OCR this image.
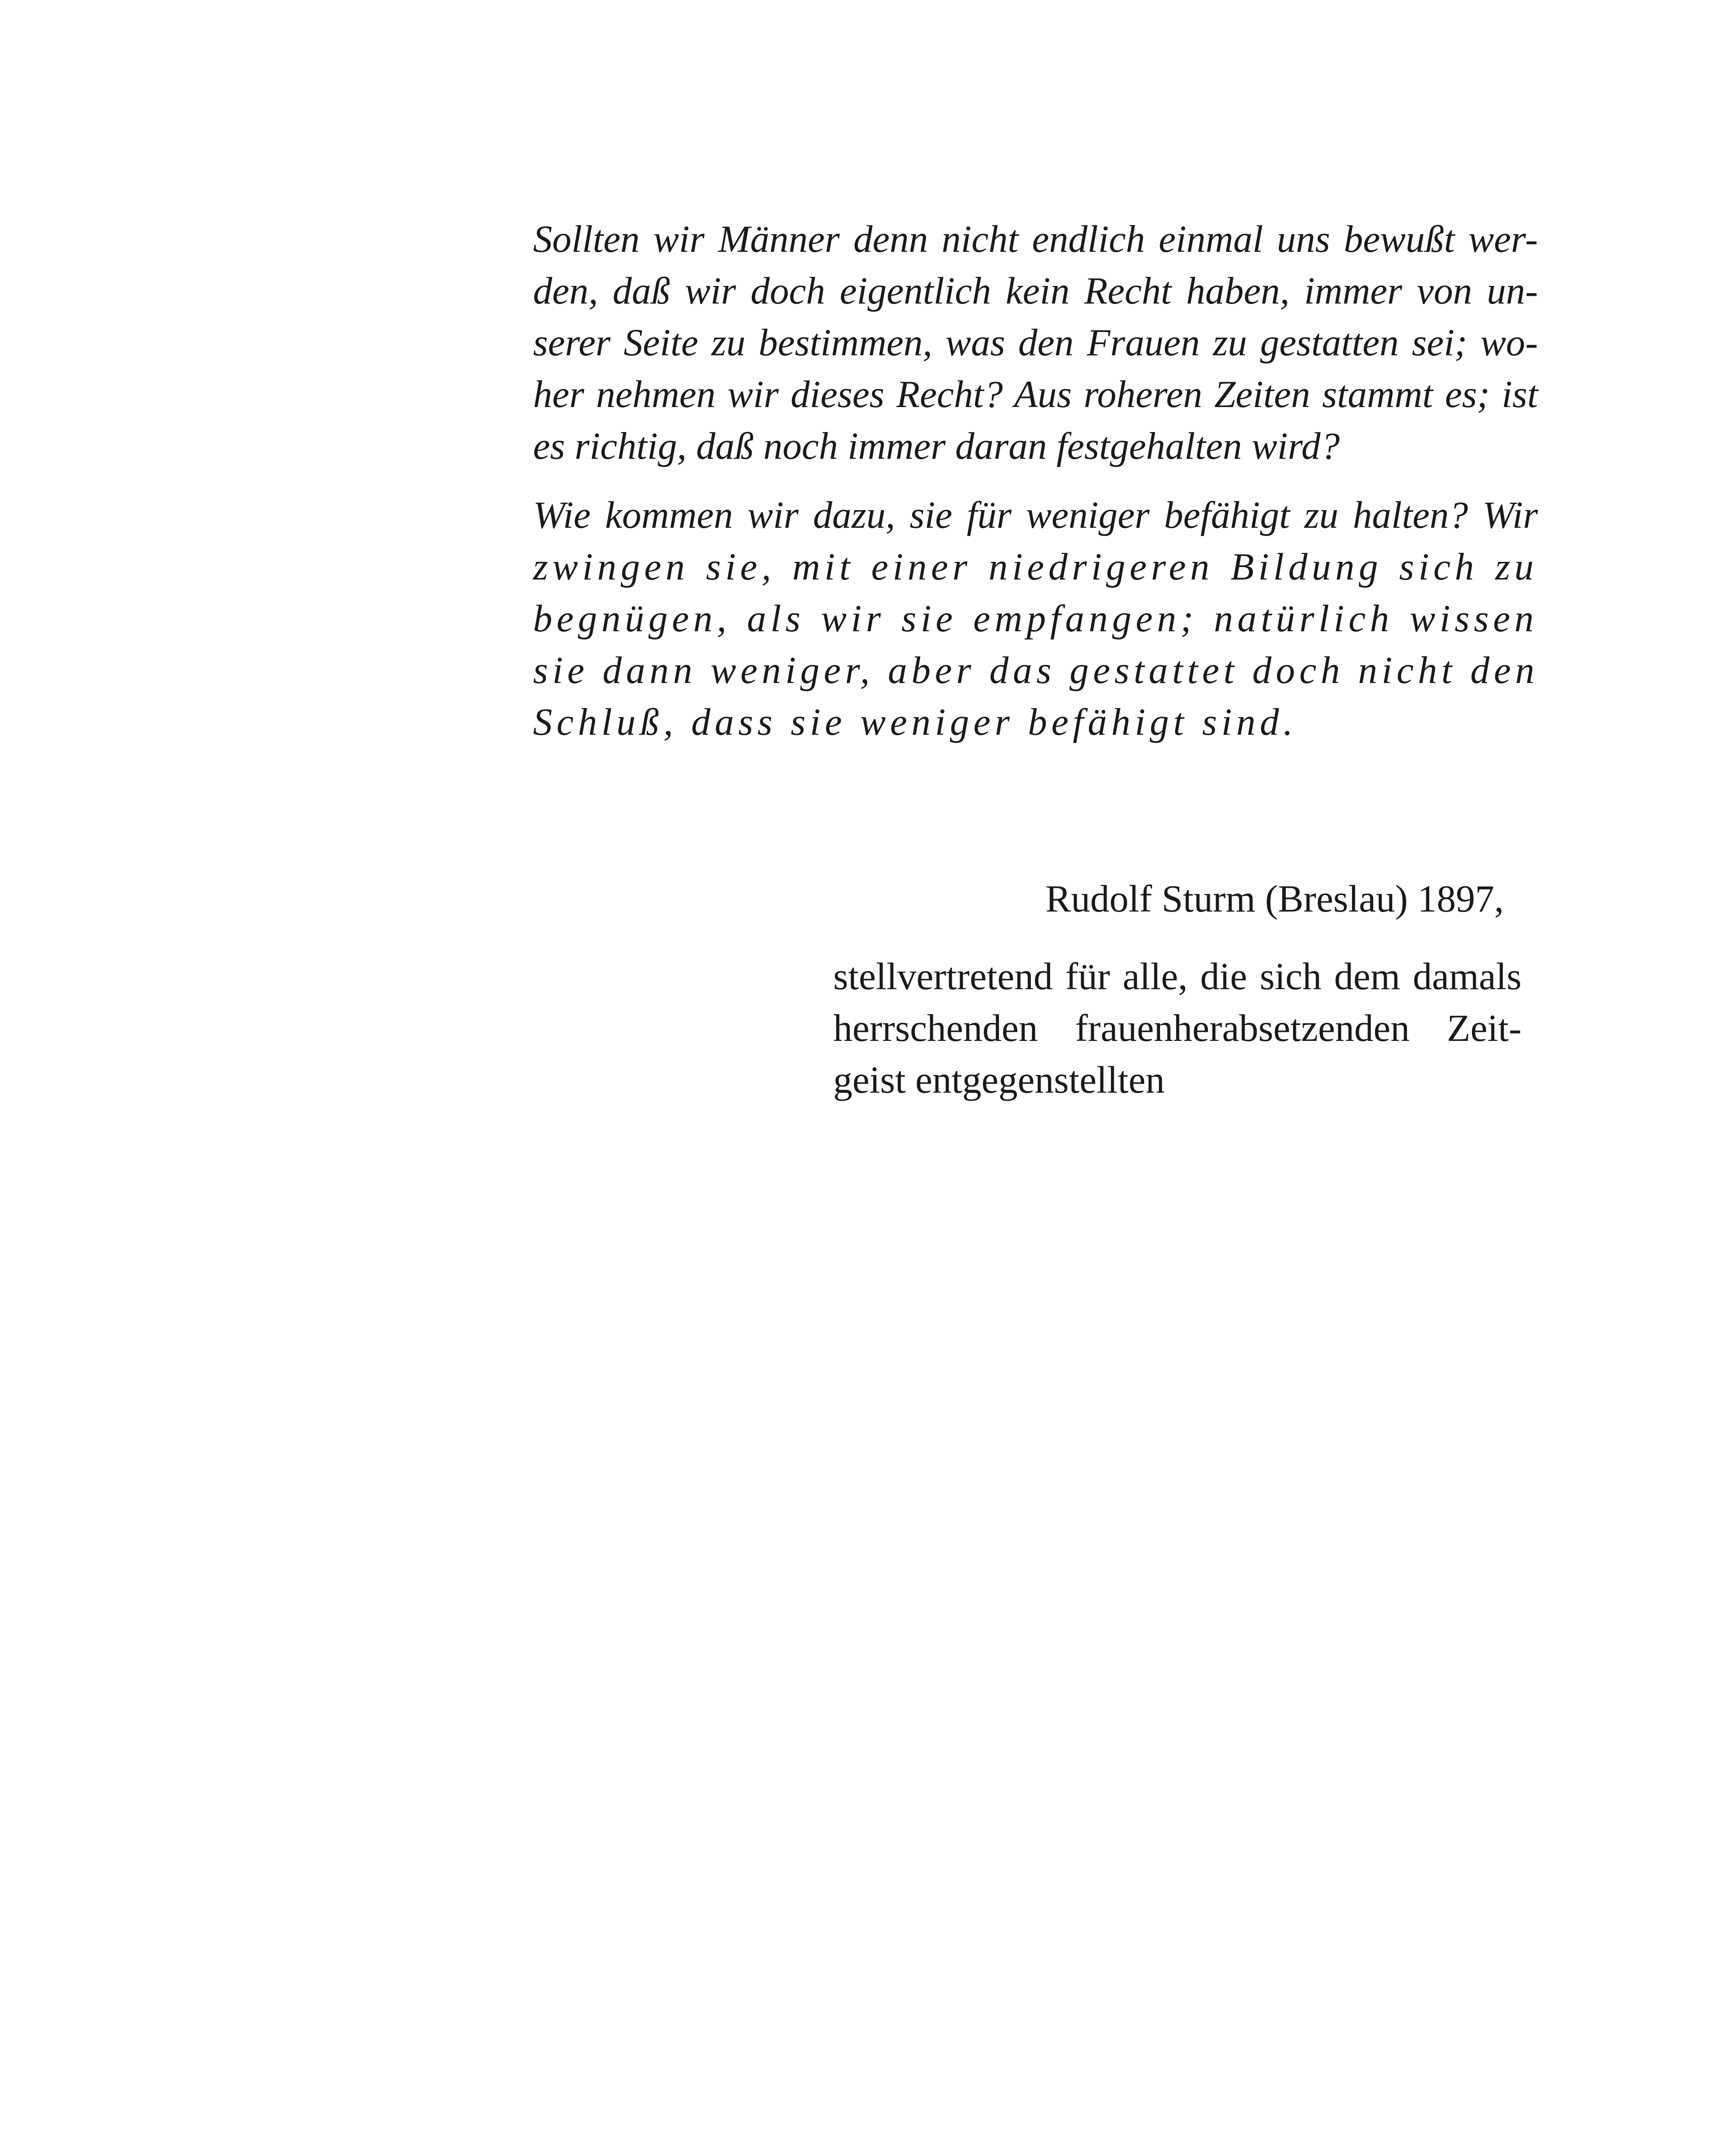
Sollten wir Männer denn nicht endlich einmal uns bewußt wer-
den, daß wir doch eigentlich kein Recht haben, immer von un-
serer Seite zu bestimmen, was den Frauen zu gestatten sei; wo-
her nehmen wir dieses Recht? Aus roheren Zeiten stammt es; ist
es richtig, daß noch immer daran festgehalten wird?
Wie kommen wir dazu, sie für weniger befähigt zu halten? Wir
zwingen sie, mit einer niedrigeren Bildung sich zu
begnügen, als wir sie empfangen; natürlich wissen
sie dann weniger, aber das gestattet doch nicht den
Schluß, dass sie weniger befähigt sind.
Rudolf Sturm (Breslau) 1897,
stellvertretend für alle, die sich dem damals
herrschenden frauenherabsetzenden Zeit-
geist entgegenstellten
